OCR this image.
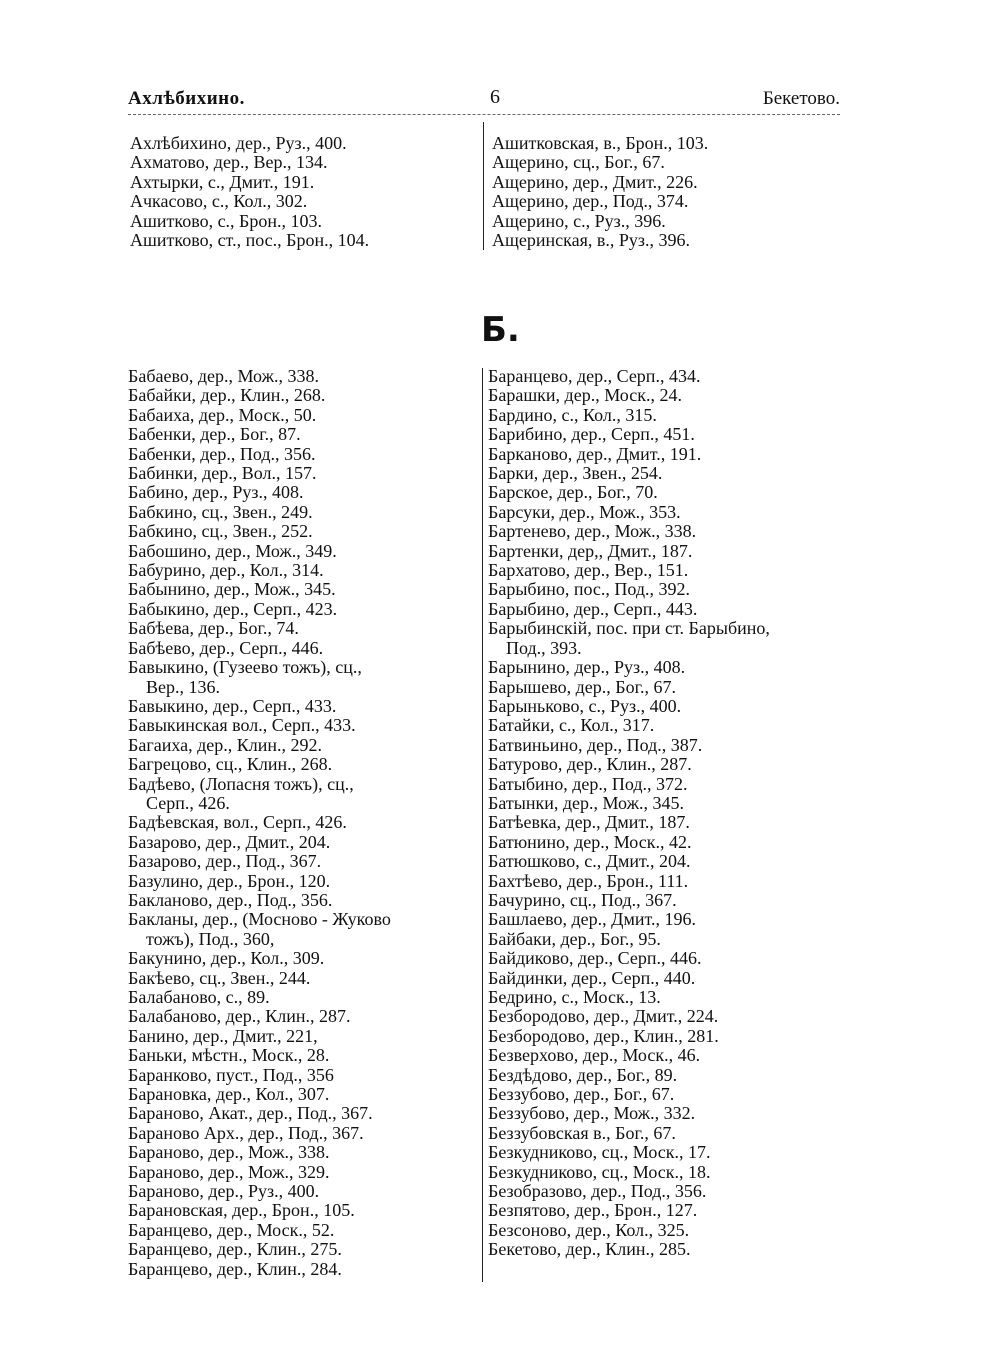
Ахлѣбихино.	6	Бекетово.
Ахлѣбихино, дер., Руз., 400.
Ахматово, дер., Вер., 134.
Ахтырки, с., Дмит., 191.
Ачкасово, с., Кол., 302.
Ашитково, с., Брон., 103.
Ашитково, ст., пос., Брон., 104.
Ашитковская, в., Брон., 103.
Ащерино, сц., Бог., 67.
Ащерино, дер., Дмит., 226.
Ащерино, дер., Под., 374.
Ащерино, с., Руз., 396.
Ащеринская, в., Руз., 396.
Б.
Бабаево, дер., Мож., 338.
Бабайки, дер., Клин., 268.
Бабаиха, дер., Моск., 50.
Бабенки, дер., Бог., 87.
Бабенки, дер., Под., 356.
Бабинки, дер., Вол., 157.
Бабино, дер., Руз., 408.
Бабкино, сц., Звен., 249.
Бабкино, сц., Звен., 252.
Бабошино, дер., Мож., 349.
Бабурино, дер., Кол., 314.
Бабынино, дер., Мож., 345.
Бабыкино, дер., Серп., 423.
Бабѣева, дер., Бог., 74.
Бабѣево, дер., Серп., 446.
Бавыкино, (Гузеево тожъ), сц.,
Вер., 136.
Бавыкино, дер., Серп., 433.
Бавыкинская вол., Серп., 433.
Багаиха, дер., Клин., 292.
Багрецово, сц., Клин., 268.
Бадѣево, (Лопасня тожъ), сц.,
Серп., 426.
Бадѣевская, вол., Серп., 426.
Базарово, дер., Дмит., 204.
Базарово, дер., Под., 367.
Базулино, дер., Брон., 120.
Бакланово, дер., Под., 356.
Бакланы, дер., (Мосново - Жуково
тожъ), Под., 360,
Бакунино, дер., Кол., 309.
Бакѣево, сц., Звен., 244.
Балабаново, с., 89.
Балабаново, дер., Клин., 287.
Банино, дер., Дмит., 221,
Баньки, мѣстн., Моск., 28.
Баранково, пуст., Под., 356
Барановка, дер., Кол., 307.
Бараново, Акат., дер., Под., 367.
Бараново Арх., дер., Под., 367.
Бараново, дер., Мож., 338.
Бараново, дер., Мож., 329.
Бараново, дер., Руз., 400.
Барановская, дер., Брон., 105.
Баранцево, дер., Моск., 52.
Баранцево, дер., Клин., 275.
Баранцево, дер., Клин., 284.
Баранцево, дер., Серп., 434.
Барашки, дер., Моск., 24.
Бардино, с., Кол., 315.
Барибино, дер., Серп., 451.
Барканово, дер., Дмит., 191.
Барки, дер., Звен., 254.
Барское, дер., Бог., 70.
Барсуки, дер., Мож., 353.
Бартенево, дер., Мож., 338.
Бартенки, дер,, Дмит., 187.
Бархатово, дер., Вер., 151.
Барыбино, пос., Под., 392.
Барыбино, дер., Серп., 443.
Барыбинскій, пос. при ст. Барыбино,
Под., 393.
Барынино, дер., Руз., 408.
Барышево, дер., Бог., 67.
Барыньково, с., Руз., 400.
Батайки, с., Кол., 317.
Батвиньино, дер., Под., 387.
Батурово, дер., Клин., 287.
Батыбино, дер., Под., 372.
Батынки, дер., Мож., 345.
Батѣевка, дер., Дмит., 187.
Батюнино, дер., Моск., 42.
Батюшково, с., Дмит., 204.
Бахтѣево, дер., Брон., 111.
Бачурино, сц., Под., 367.
Башлаево, дер., Дмит., 196.
Байбаки, дер., Бог., 95.
Байдиково, дер., Серп., 446.
Байдинки, дер., Серп., 440.
Бедрино, с., Моск., 13.
Безбородово, дер., Дмит., 224.
Безбородово, дер., Клин., 281.
Безверхово, дер., Моск., 46.
Бездѣдово, дер., Бог., 89.
Беззубово, дер., Бог., 67.
Беззубово, дер., Мож., 332.
Беззубовская в., Бог., 67.
Безкудниково, сц., Моск., 17.
Безкудниково, сц., Моск., 18.
Безобразово, дер., Под., 356.
Безпятово, дер., Брон., 127.
Безсоново, дер., Кол., 325.
Бекетово, дер., Клин., 285.
